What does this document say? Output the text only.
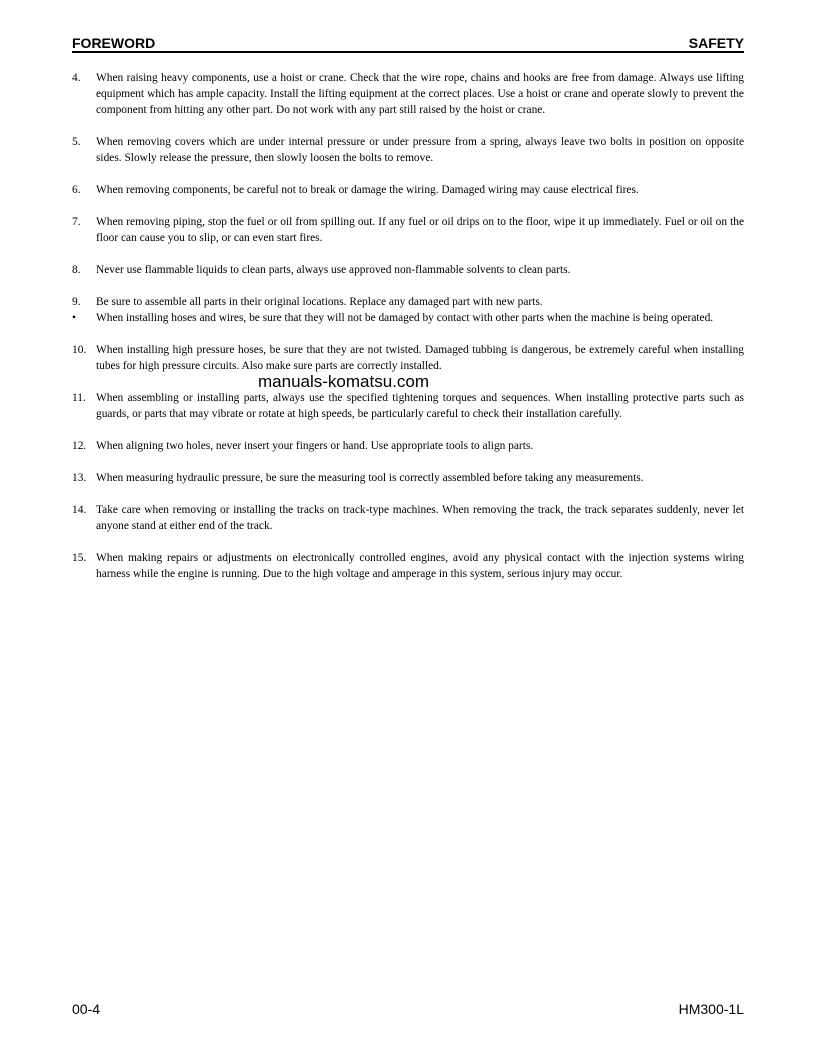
FOREWORD	SAFETY
4. When raising heavy components, use a hoist or crane. Check that the wire rope, chains and hooks are free from damage. Always use lifting equipment which has ample capacity. Install the lifting equipment at the correct places. Use a hoist or crane and operate slowly to prevent the component from hitting any other part. Do not work with any part still raised by the hoist or crane.
5. When removing covers which are under internal pressure or under pressure from a spring, always leave two bolts in position on opposite sides. Slowly release the pressure, then slowly loosen the bolts to remove.
6. When removing components, be careful not to break or damage the wiring. Damaged wiring may cause electrical fires.
7. When removing piping, stop the fuel or oil from spilling out. If any fuel or oil drips on to the floor, wipe it up immediately. Fuel or oil on the floor can cause you to slip, or can even start fires.
8. Never use flammable liquids to clean parts, always use approved non-flammable solvents to clean parts.
9. Be sure to assemble all parts in their original locations. Replace any damaged part with new parts.
• When installing hoses and wires, be sure that they will not be damaged by contact with other parts when the machine is being operated.
10. When installing high pressure hoses, be sure that they are not twisted. Damaged tubbing is dangerous, be extremely careful when installing tubes for high pressure circuits. Also make sure parts are correctly installed.
11. When assembling or installing parts, always use the specified tightening torques and sequences. When installing protective parts such as guards, or parts that may vibrate or rotate at high speeds, be particularly careful to check their installation carefully.
12. When aligning two holes, never insert your fingers or hand. Use appropriate tools to align parts.
13. When measuring hydraulic pressure, be sure the measuring tool is correctly assembled before taking any measurements.
14. Take care when removing or installing the tracks on track-type machines. When removing the track, the track separates suddenly, never let anyone stand at either end of the track.
15. When making repairs or adjustments on electronically controlled engines, avoid any physical contact with the injection systems wiring harness while the engine is running. Due to the high voltage and amperage in this system, serious injury may occur.
manuals-komatsu.com
00-4	HM300-1L
